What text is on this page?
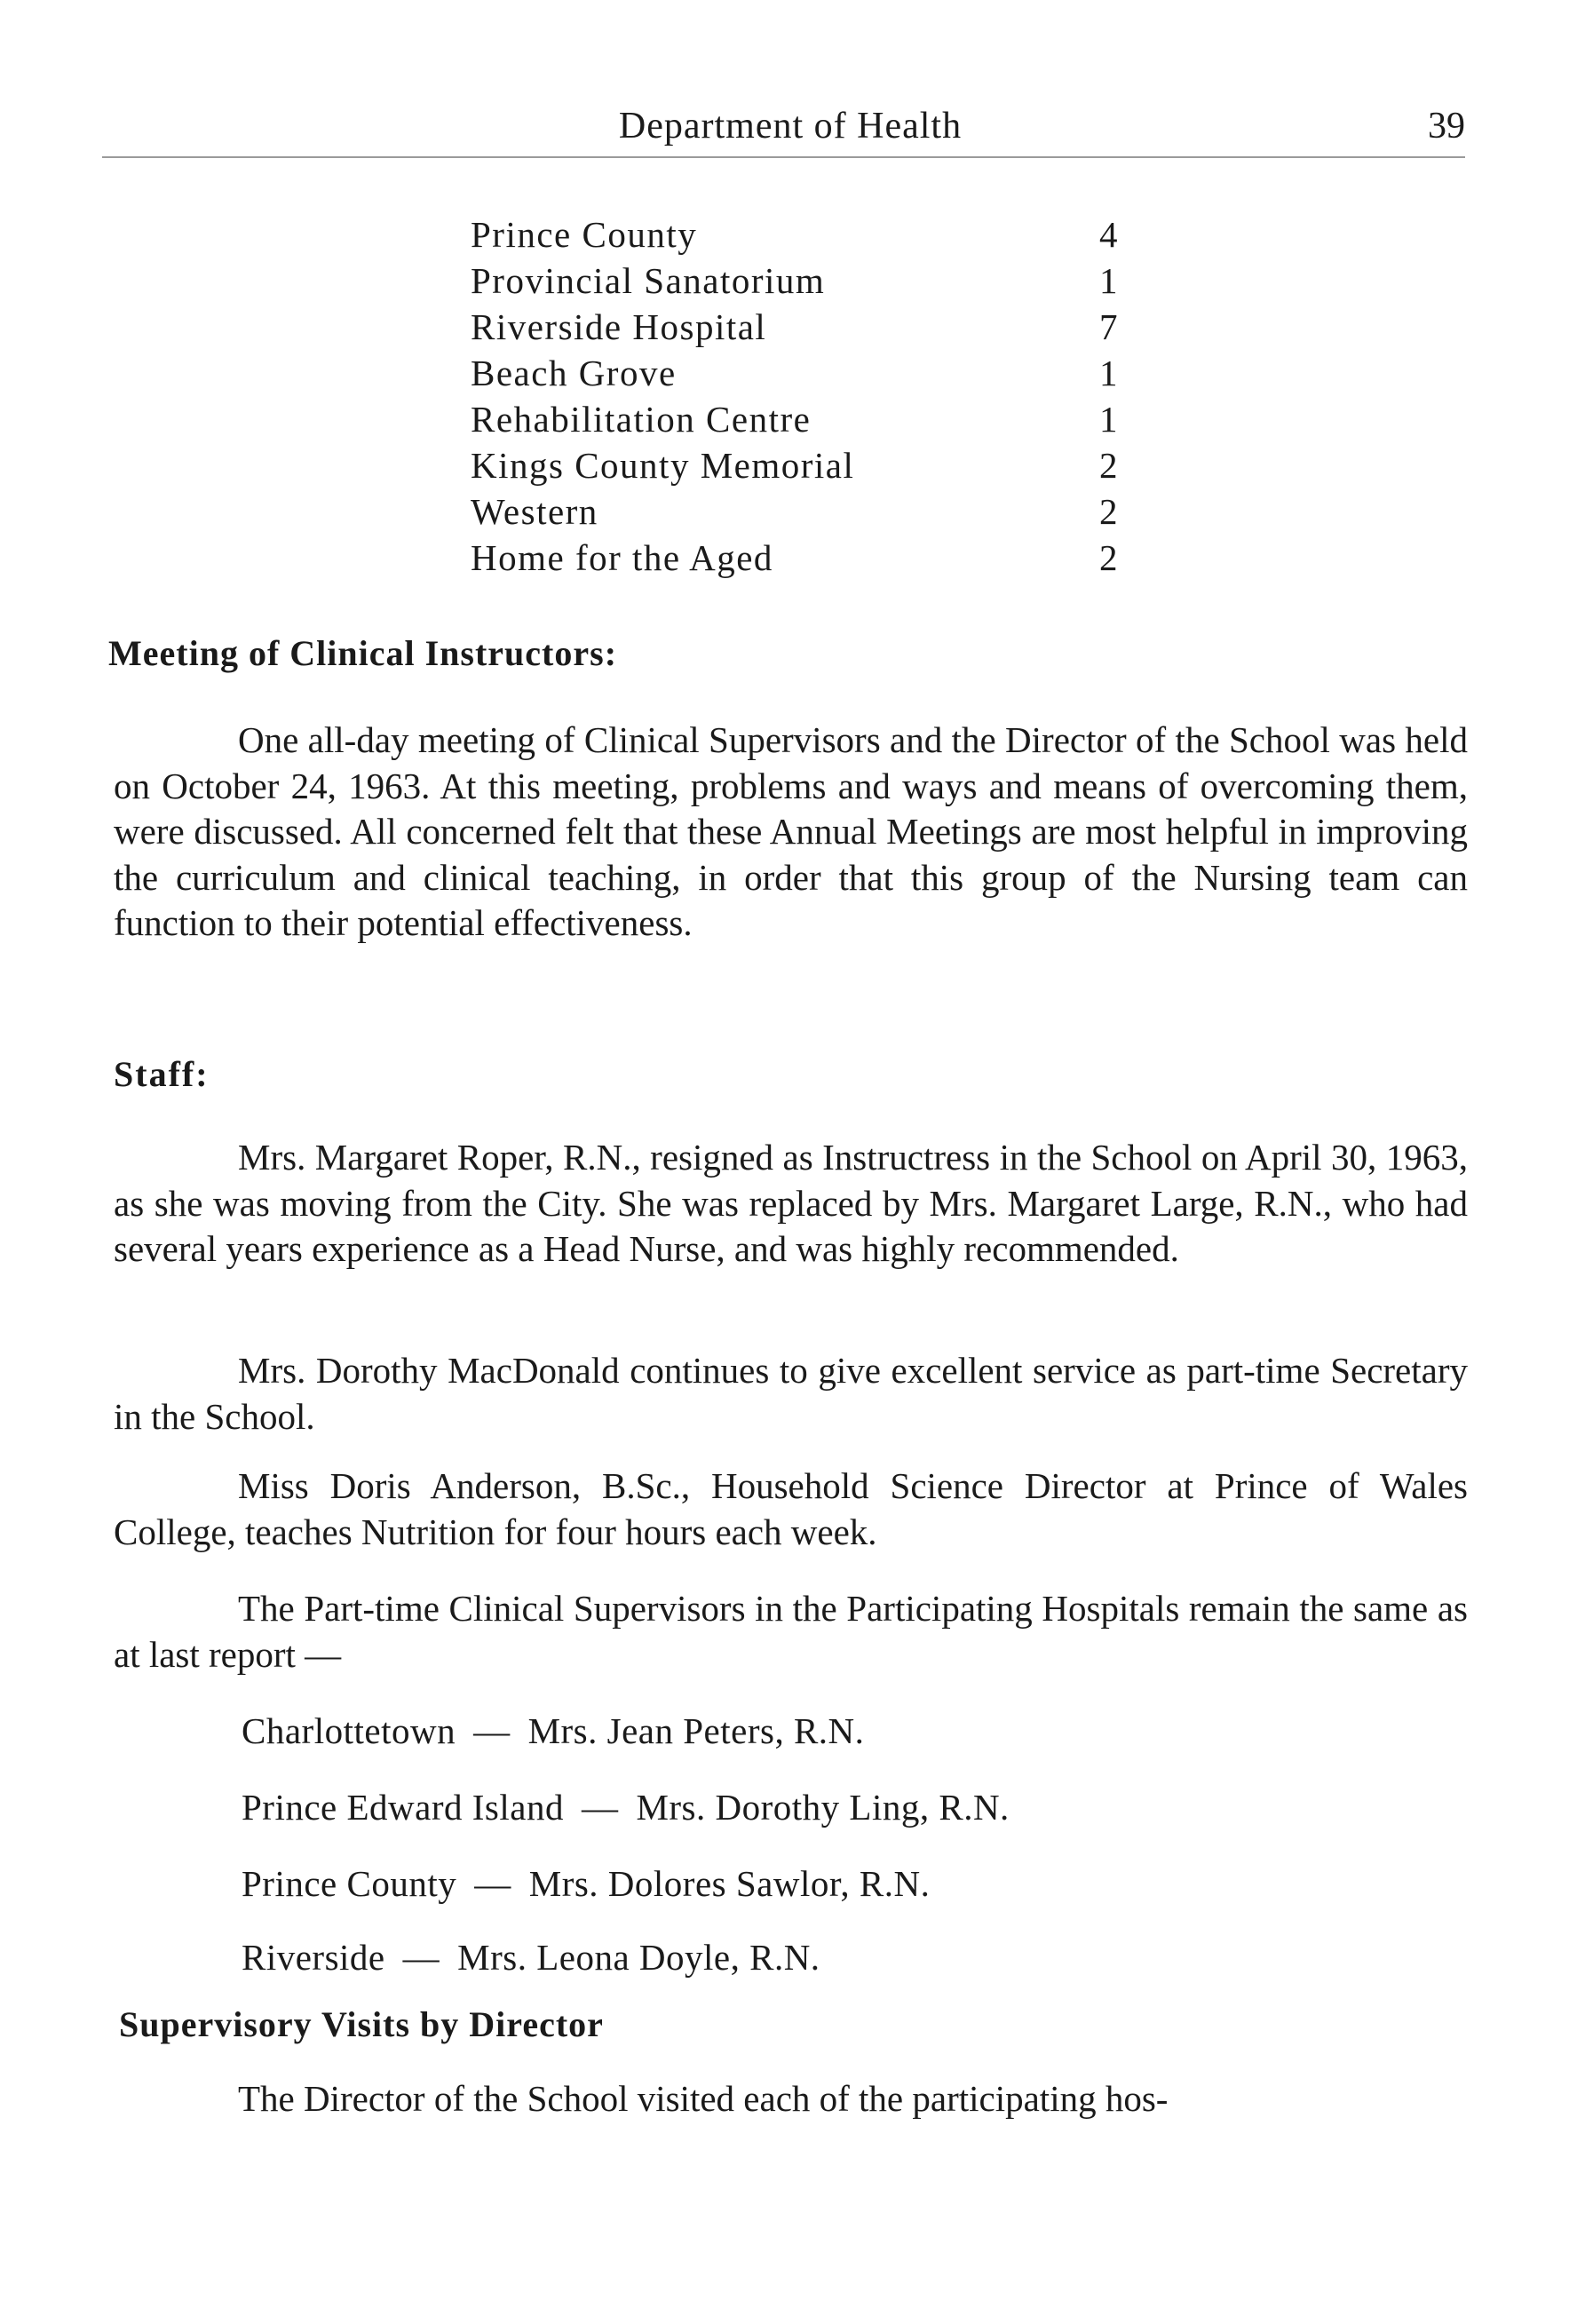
Department of Health	39
Prince County	4
Provincial Sanatorium	1
Riverside Hospital	7
Beach Grove	1
Rehabilitation Centre	1
Kings County Memorial	2
Western	2
Home for the Aged	2
Meeting of Clinical Instructors:

One all-day meeting of Clinical Supervisors and the Director of the School was held on October 24, 1963. At this meeting, problems and ways and means of overcoming them, were discussed. All concerned felt that these Annual Meetings are most helpful in improving the curriculum and clinical teaching, in order that this group of the Nursing team can function to their potential effectiveness.

Staff:

Mrs. Margaret Roper, R.N., resigned as Instructress in the School on April 30, 1963, as she was moving from the City. She was replaced by Mrs. Margaret Large, R.N., who had several years experience as a Head Nurse, and was highly recommended.

Mrs. Dorothy MacDonald continues to give excellent service as part-time Secretary in the School.

Miss Doris Anderson, B.Sc., Household Science Director at Prince of Wales College, teaches Nutrition for four hours each week.

The Part-time Clinical Supervisors in the Participating Hospitals remain the same as at last report —

Charlottetown — Mrs. Jean Peters, R.N.
Prince Edward Island — Mrs. Dorothy Ling, R.N.
Prince County — Mrs. Dolores Sawlor, R.N.
Riverside — Mrs. Leona Doyle, R.N.
Supervisory Visits by Director

The Director of the School visited each of the participating hos-
